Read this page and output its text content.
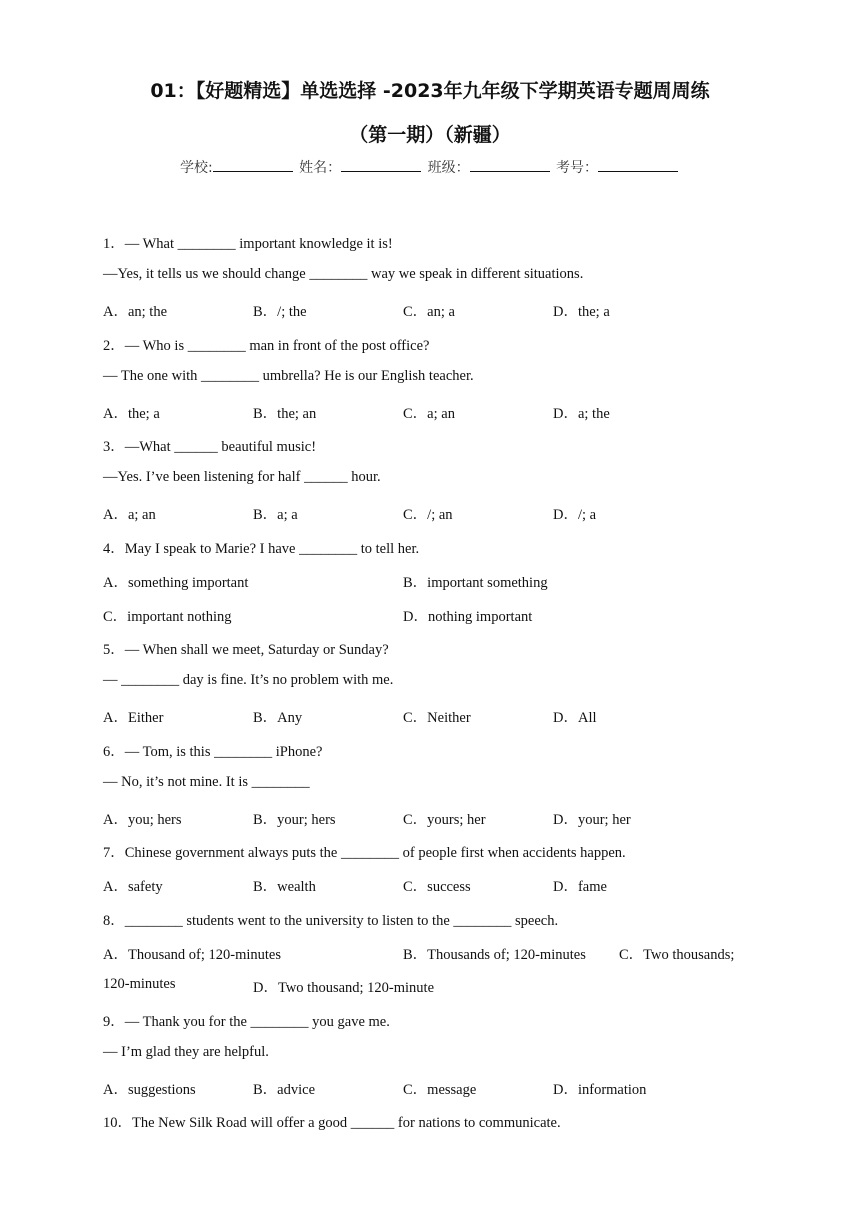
01：【好题精选】单选选择 -2023年九年级下学期英语专题周周练
（第一期）（新疆）
学校:	姓名：	班级：	考号：
1．— What ________ important knowledge it is!
—Yes, it tells us we should change ________ way we speak in different situations.
A．an; the	B．/; the	C．an; a	D．the; a
2．— Who is ________ man in front of the post office?
— The one with ________ umbrella? He is our English teacher.
A．the; a	B．the; an	C．a; an	D．a; the
3．—What ______ beautiful music!
—Yes. I’ve been listening for half ______ hour.
A．a; an	B．a; a	C．/; an	D．/; a
4．May I speak to Marie? I have ________ to tell her.
A．something important	B．important something
C．important nothing	D．nothing important
5．— When shall we meet, Saturday or Sunday?
— ________ day is fine. It’s no problem with me.
A．Either	B．Any	C．Neither	D．All
6．— Tom, is this ________ iPhone?
— No, it’s not mine. It is ________
A．you; hers	B．your; hers	C．yours; her	D．your; her
7．Chinese government always puts the ________ of people first when accidents happen.
A．safety	B．wealth	C．success	D．fame
8．________ students went to the university to listen to the ________ speech.
A．Thousand of; 120-minutes	B．Thousands of; 120-minutes C．Two thousands;
120-minutes	D．Two thousand; 120-minute
9．— Thank you for the ________ you gave me.
— I’m glad they are helpful.
A．suggestions	B．advice	C．message	D．information
10．The New Silk Road will offer a good ______ for nations to communicate.
